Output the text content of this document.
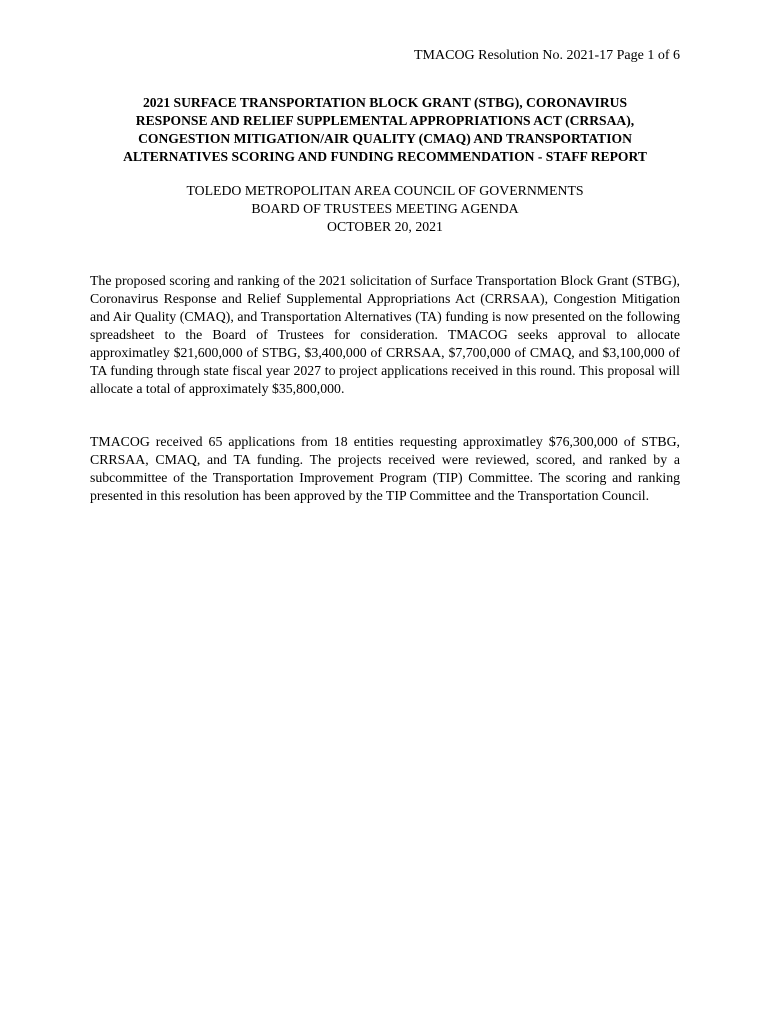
TMACOG Resolution No. 2021-17 Page 1 of 6
2021 SURFACE TRANSPORTATION BLOCK GRANT (STBG), CORONAVIRUS
RESPONSE AND RELIEF SUPPLEMENTAL APPROPRIATIONS ACT (CRRSAA),
CONGESTION MITIGATION/AIR QUALITY (CMAQ) AND TRANSPORTATION
ALTERNATIVES SCORING AND FUNDING RECOMMENDATION - STAFF REPORT
TOLEDO METROPOLITAN AREA COUNCIL OF GOVERNMENTS
BOARD OF TRUSTEES MEETING AGENDA
OCTOBER 20, 2021

The proposed scoring and ranking of the 2021 solicitation of Surface Transportation Block Grant (STBG), Coronavirus Response and Relief Supplemental Appropriations Act (CRRSAA), Congestion Mitigation and Air Quality (CMAQ), and Transportation Alternatives (TA) funding is now presented on the following spreadsheet to the Board of Trustees for consideration. TMACOG seeks approval to allocate approximatley $21,600,000 of STBG, $3,400,000 of CRRSAA, $7,700,000 of CMAQ, and $3,100,000 of TA funding through state fiscal year 2027 to project applications received in this round. This proposal will allocate a total of approximately $35,800,000.

TMACOG received 65 applications from 18 entities requesting approximatley $76,300,000 of STBG, CRRSAA, CMAQ, and TA funding. The projects received were reviewed, scored, and ranked by a subcommittee of the Transportation Improvement Program (TIP) Committee. The scoring and ranking presented in this resolution has been approved by the TIP Committee and the Transportation Council.
